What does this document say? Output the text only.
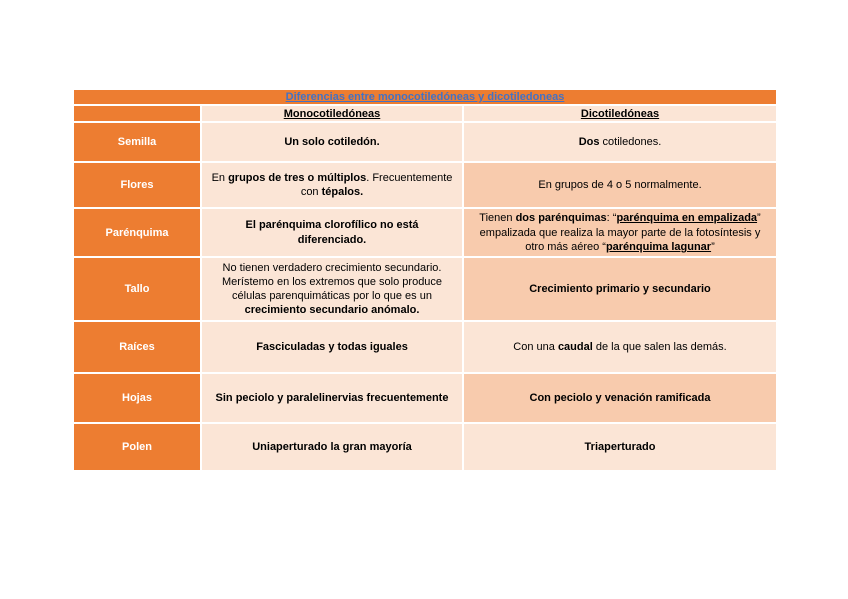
Diferencias entre monocotiledóneas y dicotiledoneas		
	Monocotiledóneas	Dicotiledóneas
Semilla	Un solo cotiledón.	Dos cotiledones.
Flores	En grupos de tres o múltiplos. Frecuentemente con tépalos.	En grupos de 4 o 5 normalmente.
Parénquima	El parénquima clorofílico no está diferenciado.	Tienen dos parénquimas: “parénquima en empalizada” empalizada que realiza la mayor parte de la fotosíntesis y otro más aéreo “parénquima lagunar”
Tallo	No tienen verdadero crecimiento secundario. Merístemo en los extremos que solo produce células parenquimáticas por lo que es un crecimiento secundario anómalo.	Crecimiento primario y secundario
Raíces	Fasciculadas y todas iguales	Con una caudal de la que salen las demás.
Hojas	Sin peciolo y paralelinervias frecuentemente	Con peciolo y venación ramificada
Polen	Uniaperturado la gran mayoría	Triaperturado
